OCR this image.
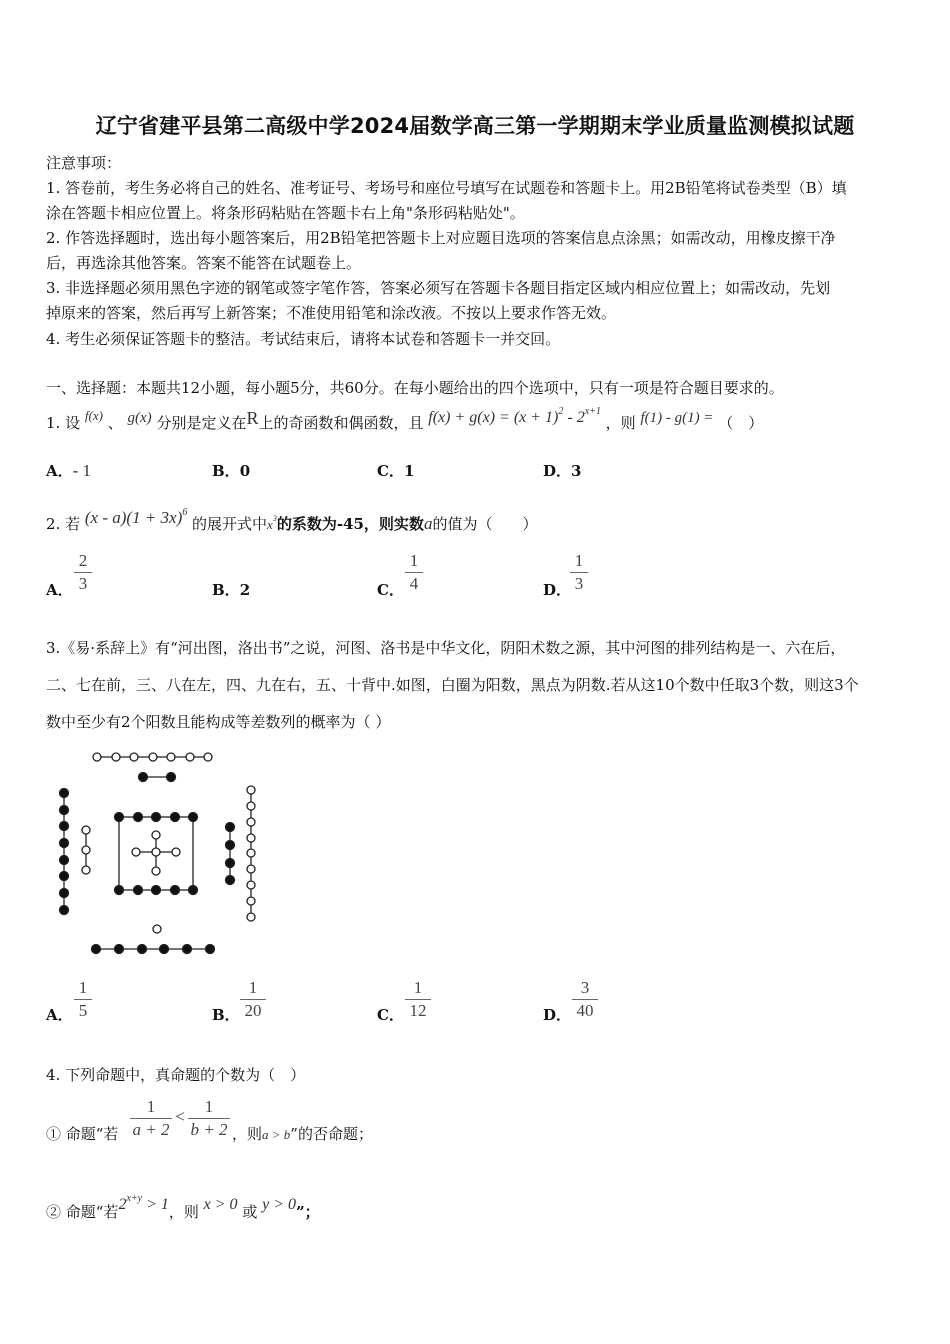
辽宁省建平县第二高级中学2024届数学高三第一学期期末学业质量监测模拟试题
注意事项：
1. 答卷前，考生务必将自己的姓名、准考证号、考场号和座位号填写在试题卷和答题卡上。用2B铅笔将试卷类型（B）填
涂在答题卡相应位置上。将条形码粘贴在答题卡右上角"条形码粘贴处"。
2. 作答选择题时，选出每小题答案后，用2B铅笔把答题卡上对应题目选项的答案信息点涂黑；如需改动，用橡皮擦干净
后，再选涂其他答案。答案不能答在试题卷上。
3. 非选择题必须用黑色字迹的钢笔或签字笔作答，答案必须写在答题卡各题目指定区域内相应位置上；如需改动，先划
掉原来的答案，然后再写上新答案；不准使用铅笔和涂改液。不按以上要求作答无效。
4. 考生必须保证答题卡的整洁。考试结束后，请将本试卷和答题卡一并交回。
一、选择题：本题共12小题，每小题5分，共60分。在每小题给出的四个选项中，只有一项是符合题目要求的。
1. 设 f(x) 、 g(x) 分别是定义在R上的奇函数和偶函数，且 $f(x) + g(x) = (x + 1)^2 - 2^{x+1}$ ，则 f(1) - g(1) = （　）
A．- 1	B．0	C．1	D．3
2. 若 $(x - a)(1 + 3x)^6$ 的展开式中$x^3$的系数为-45，则实数a的值为（　　）
A．
2
3	B．2	C．
1
4	D．
1
3
3.《易·系辞上》有“河出图，洛出书”之说，河图、洛书是中华文化，阴阳术数之源，其中河图的排列结构是一、六在后，
二、七在前，三、八在左，四、九在右，五、十背中.如图，白圈为阳数，黑点为阴数.若从这10个数中任取3个数，则这3个
数中至少有2个阳数且能构成等差数列的概率为（ ）
A．
1
5	B．
1
20	C．
1
12	D．
3
40
4. 下列命题中，真命题的个数为（　）
① 命题“若
1
a + 2
<
1
b + 2 ，则a > b”的否命题；
② 命题“若$2^{x+y} > 1$，则 x > 0 或 y > 0”；
